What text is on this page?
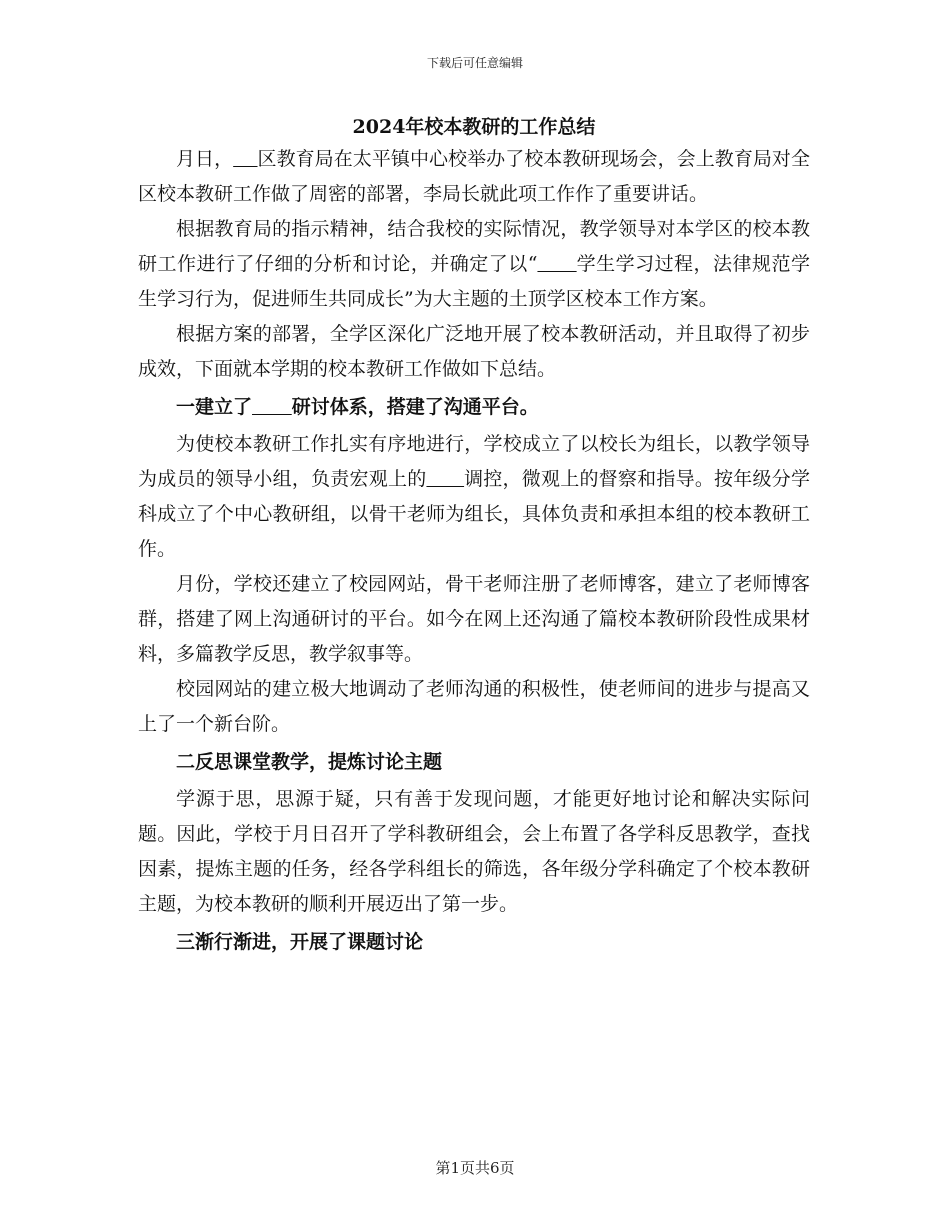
下载后可任意编辑
2024年校本教研的工作总结

月日， 区教育局在太平镇中心校举办了校本教研现场会，会上教育局对全区校本教研工作做了周密的部署，李局长就此项工作作了重要讲话。

根据教育局的指示精神，结合我校的实际情况，教学领导对本学区的校本教研工作进行了仔细的分析和讨论，并确定了以“ 学生学习过程，法律规范学生学习行为，促进师生共同成长”为大主题的土顶学区校本工作方案。

根据方案的部署，全学区深化广泛地开展了校本教研活动，并且取得了初步成效，下面就本学期的校本教研工作做如下总结。

一建立了 研讨体系，搭建了沟通平台。

为使校本教研工作扎实有序地进行，学校成立了以校长为组长，以教学领导为成员的领导小组，负责宏观上的 调控，微观上的督察和指导。按年级分学科成立了个中心教研组，以骨干老师为组长，具体负责和承担本组的校本教研工作。

月份，学校还建立了校园网站，骨干老师注册了老师博客，建立了老师博客群，搭建了网上沟通研讨的平台。如今在网上还沟通了篇校本教研阶段性成果材料，多篇教学反思，教学叙事等。

校园网站的建立极大地调动了老师沟通的积极性，使老师间的进步与提高又上了一个新台阶。

二反思课堂教学，提炼讨论主题

学源于思，思源于疑，只有善于发现问题，才能更好地讨论和解决实际问题。因此，学校于月日召开了学科教研组会，会上布置了各学科反思教学，查找因素，提炼主题的任务，经各学科组长的筛选，各年级分学科确定了个校本教研主题，为校本教研的顺利开展迈出了第一步。

三渐行渐进，开展了课题讨论

第1页共6页
